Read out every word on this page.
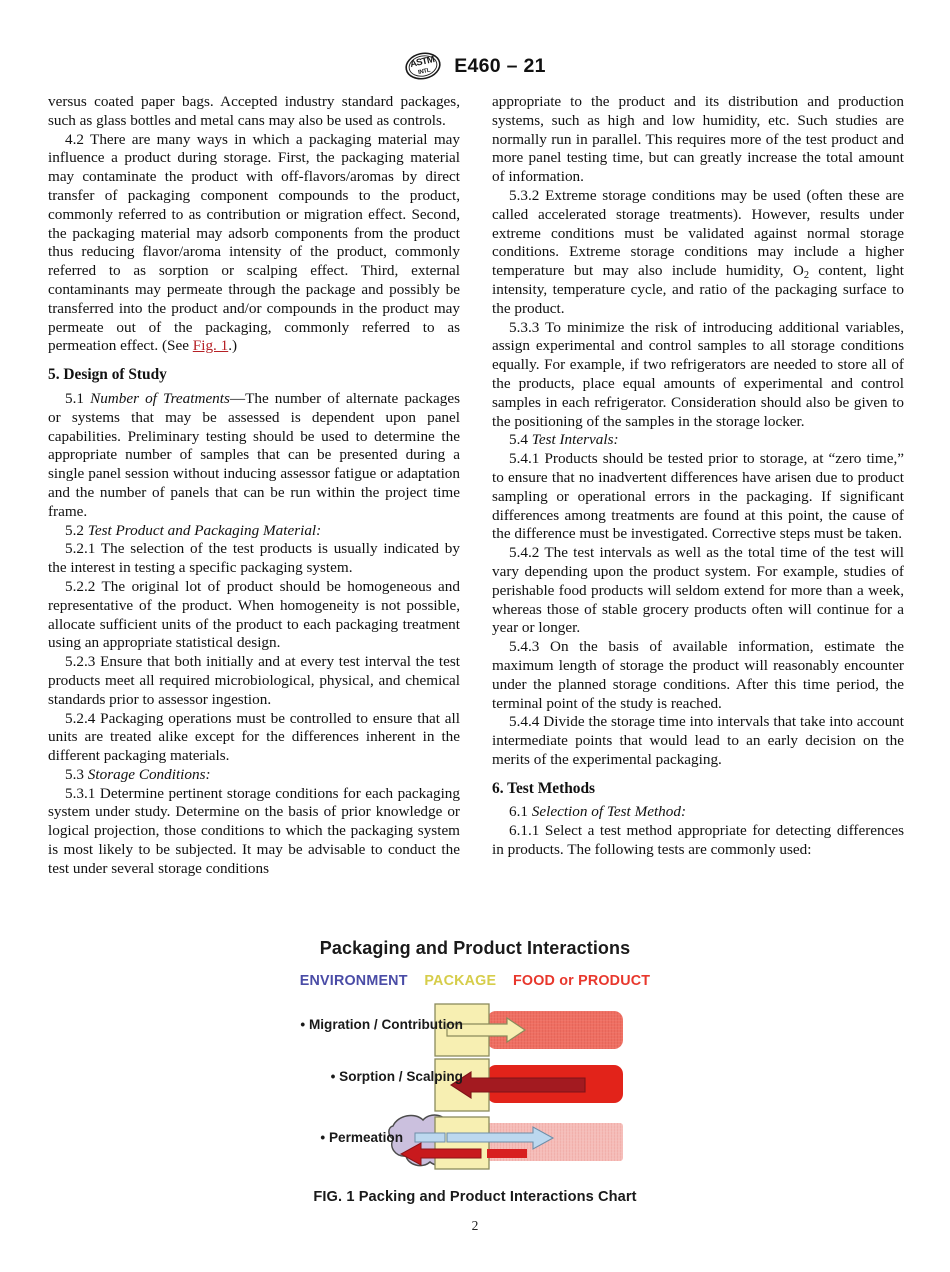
ASTM
INTL E460 – 21

versus coated paper bags. Accepted industry standard packages, such as glass bottles and metal cans may also be used as controls.

4.2 There are many ways in which a packaging material may influence a product during storage. First, the packaging material may contaminate the product with off-flavors/aromas by direct transfer of packaging component compounds to the product, commonly referred to as contribution or migration effect. Second, the packaging material may adsorb components from the product thus reducing flavor/aroma intensity of the product, commonly referred to as sorption or scalping effect. Third, external contaminants may permeate through the package and possibly be transferred into the product and/or compounds in the product may permeate out of the packaging, commonly referred to as permeation effect. (See Fig. 1.)

5. Design of Study

5.1 Number of Treatments—The number of alternate packages or systems that may be assessed is dependent upon panel capabilities. Preliminary testing should be used to determine the appropriate number of samples that can be presented during a single panel session without inducing assessor fatigue or adaptation and the number of panels that can be run within the project time frame.

5.2 Test Product and Packaging Material:

5.2.1 The selection of the test products is usually indicated by the interest in testing a specific packaging system.

5.2.2 The original lot of product should be homogeneous and representative of the product. When homogeneity is not possible, allocate sufficient units of the product to each packaging treatment using an appropriate statistical design.

5.2.3 Ensure that both initially and at every test interval the test products meet all required microbiological, physical, and chemical standards prior to assessor ingestion.

5.2.4 Packaging operations must be controlled to ensure that all units are treated alike except for the differences inherent in the different packaging materials.

5.3 Storage Conditions:

5.3.1 Determine pertinent storage conditions for each packaging system under study. Determine on the basis of prior knowledge or logical projection, those conditions to which the packaging system is most likely to be subjected. It may be advisable to conduct the test under several storage conditions

appropriate to the product and its distribution and production systems, such as high and low humidity, etc. Such studies are normally run in parallel. This requires more of the test product and more panel testing time, but can greatly increase the total amount of information.

5.3.2 Extreme storage conditions may be used (often these are called accelerated storage treatments). However, results under extreme conditions must be validated against normal storage conditions. Extreme storage conditions may include a higher temperature but may also include humidity, $O_2$ content, light intensity, temperature cycle, and ratio of the packaging surface to the product.

5.3.3 To minimize the risk of introducing additional variables, assign experimental and control samples to all storage conditions equally. For example, if two refrigerators are needed to store all of the products, place equal amounts of experimental and control samples in each refrigerator. Consideration should also be given to the positioning of the samples in the storage locker.

5.4 Test Intervals:

5.4.1 Products should be tested prior to storage, at “zero time,” to ensure that no inadvertent differences have arisen due to product sampling or operational errors in the packaging. If significant differences among treatments are found at this point, the cause of the difference must be investigated. Corrective steps must be taken.

5.4.2 The test intervals as well as the total time of the test will vary depending upon the product system. For example, studies of perishable food products will seldom extend for more than a week, whereas those of stable grocery products often will continue for a year or longer.

5.4.3 On the basis of available information, estimate the maximum length of storage the product will reasonably encounter under the planned storage conditions. After this time period, the terminal point of the study is reached.

5.4.4 Divide the storage time into intervals that take into account intermediate points that would lead to an early decision on the merits of the experimental packaging.

6. Test Methods

6.1 Selection of Test Method:

6.1.1 Select a test method appropriate for detecting differences in products. The following tests are commonly used:

Packaging and Product Interactions
ENVIRONMENT PACKAGE FOOD or PRODUCT
• Migration / Contribution
• Sorption / Scalping
• Permeation
FIG. 1 Packing and Product Interactions Chart
2
